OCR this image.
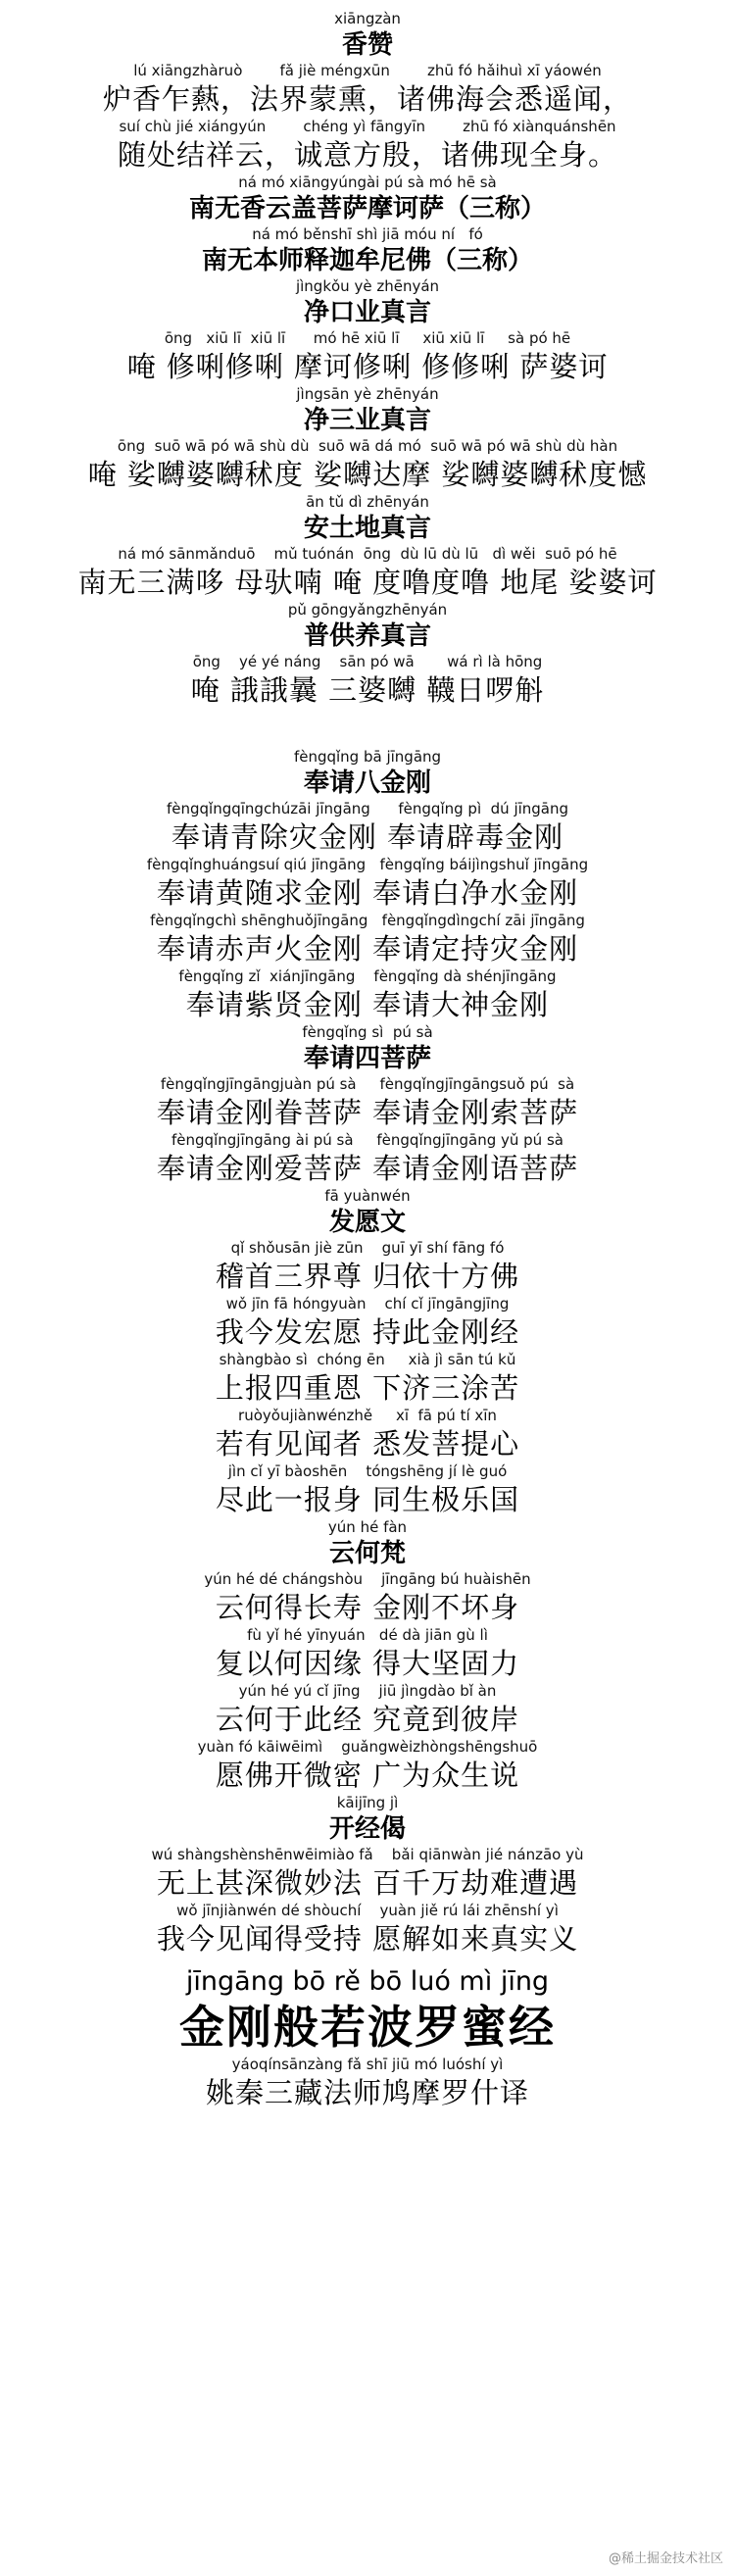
xiāngzàn
香赞
lú xiāngzhàruò        fǎ jiè méngxūn        zhū fó hǎihuì xī yáowén
炉香乍爇，法界蒙熏，诸佛海会悉遥闻，
suí chù jié xiángyún        chéng yì fāngyīn        zhū fó xiànquánshēn
随处结祥云，诚意方殷，诸佛现全身。
ná mó xiāngyúngài pú sà mó hē sà
南无香云盖菩萨摩诃萨（三称）
ná mó běnshī shì jiā móu ní   fó
南无本师释迦牟尼佛（三称）
jìngkǒu yè zhēnyán
净口业真言
ōng   xiū lī  xiū lī      mó hē xiū lī     xiū xiū lī     sà pó hē
唵 修唎修唎 摩诃修唎 修修唎 萨婆诃
jìngsān yè zhēnyán
净三业真言
ōng  suō wā pó wā shù dù  suō wā dá mó  suō wā pó wā shù dù hàn
唵 娑嚩婆嚩秫度 娑嚩达摩 娑嚩婆嚩秫度憾
ān tǔ dì zhēnyán
安土地真言
ná mó sānmǎnduō    mǔ tuónán  ōng  dù lū dù lū   dì wěi  suō pó hē
南无三满哆 母驮喃 唵 度噜度噜 地尾 娑婆诃
pǔ gōngyǎngzhēnyán
普供养真言
ōng    yé yé náng    sān pó wā       wá rì là hōng
唵 誐誐曩 三婆嚩 韈日啰斛
fèngqǐng bā jīngāng
奉请八金刚
fèngqǐngqīngchúzāi jīngāng      fèngqǐng pì  dú jīngāng
奉请青除灾金刚 奉请辟毒金刚
fèngqǐnghuángsuí qiú jīngāng   fèngqǐng báijìngshuǐ jīngāng
奉请黄随求金刚 奉请白净水金刚
fèngqǐngchì shēnghuǒjīngāng   fèngqǐngdìngchí zāi jīngāng
奉请赤声火金刚 奉请定持灾金刚
fèngqǐng zǐ  xiánjīngāng    fèngqǐng dà shénjīngāng
奉请紫贤金刚 奉请大神金刚
fèngqǐng sì  pú sà
奉请四菩萨
fèngqǐngjīngāngjuàn pú sà     fèngqǐngjīngāngsuǒ pú  sà
奉请金刚眷菩萨 奉请金刚索菩萨
fèngqǐngjīngāng ài pú sà     fèngqǐngjīngāng yǔ pú sà
奉请金刚爱菩萨 奉请金刚语菩萨
fā yuànwén
发愿文
qǐ shǒusān jiè zūn    guī yī shí fāng fó
稽首三界尊 归依十方佛
wǒ jīn fā hóngyuàn    chí cǐ jīngāngjīng
我今发宏愿 持此金刚经
shàngbào sì  chóng ēn     xià jì sān tú kǔ
上报四重恩 下济三涂苦
ruòyǒujiànwénzhě     xī  fā pú tí xīn
若有见闻者 悉发菩提心
jìn cǐ yī bàoshēn    tóngshēng jí lè guó
尽此一报身 同生极乐国
yún hé fàn
云何梵
yún hé dé chángshòu    jīngāng bú huàishēn
云何得长寿 金刚不坏身
fù yǐ hé yīnyuán   dé dà jiān gù lì
复以何因缘 得大坚固力
yún hé yú cǐ jīng    jiū jìngdào bǐ àn
云何于此经 究竟到彼岸
yuàn fó kāiwēimì    guǎngwèizhòngshēngshuō
愿佛开微密 广为众生说
kāijīng jì
开经偈
wú shàngshènshēnwēimiào fǎ    bǎi qiānwàn jié nánzāo yù
无上甚深微妙法 百千万劫难遭遇
wǒ jīnjiànwén dé shòuchí    yuàn jiě rú lái zhēnshí yì
我今见闻得受持 愿解如来真实义
jīngāng bō rě bō luó mì jīng
金刚般若波罗蜜经
yáoqínsānzàng fǎ shī jiū mó luóshí yì
姚秦三藏法师鸠摩罗什译
@稀土掘金技术社区
